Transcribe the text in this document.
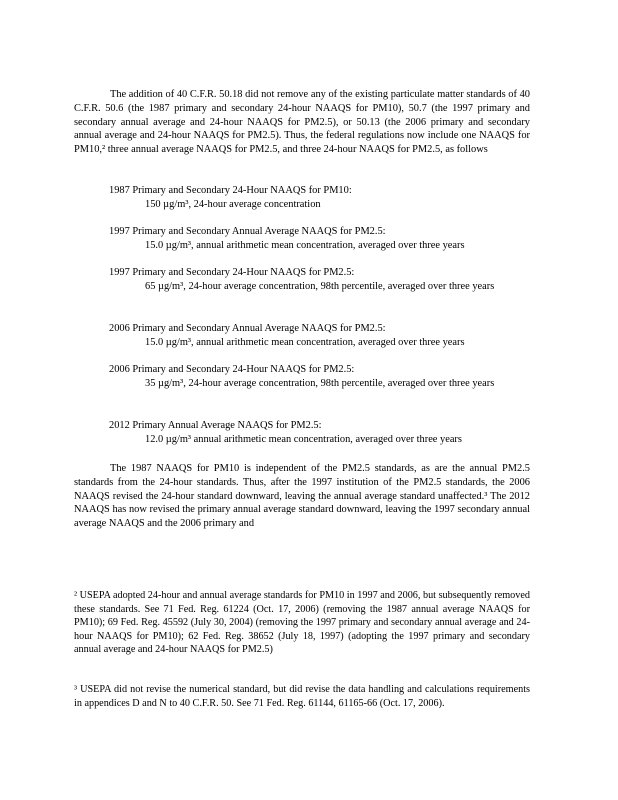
The addition of 40 C.F.R. 50.18 did not remove any of the existing particulate matter standards of 40 C.F.R. 50.6 (the 1987 primary and secondary 24-hour NAAQS for PM10), 50.7 (the 1997 primary and secondary annual average and 24-hour NAAQS for PM2.5), or 50.13 (the 2006 primary and secondary annual average and 24-hour NAAQS for PM2.5). Thus, the federal regulations now include one NAAQS for PM10,² three annual average NAAQS for PM2.5, and three 24-hour NAAQS for PM2.5, as follows
1987 Primary and Secondary 24-Hour NAAQS for PM10:
150 µg/m³, 24-hour average concentration
1997 Primary and Secondary Annual Average NAAQS for PM2.5:
15.0 µg/m³, annual arithmetic mean concentration, averaged over three years
1997 Primary and Secondary 24-Hour NAAQS for PM2.5:
65 µg/m³, 24-hour average concentration, 98th percentile, averaged over three years
2006 Primary and Secondary Annual Average NAAQS for PM2.5:
15.0 µg/m³, annual arithmetic mean concentration, averaged over three years
2006 Primary and Secondary 24-Hour NAAQS for PM2.5:
35 µg/m³, 24-hour average concentration, 98th percentile, averaged over three years
2012 Primary Annual Average NAAQS for PM2.5:
12.0 µg/m³ annual arithmetic mean concentration, averaged over three years
The 1987 NAAQS for PM10 is independent of the PM2.5 standards, as are the annual PM2.5 standards from the 24-hour standards. Thus, after the 1997 institution of the PM2.5 standards, the 2006 NAAQS revised the 24-hour standard downward, leaving the annual average standard unaffected.³ The 2012 NAAQS has now revised the primary annual average standard downward, leaving the 1997 secondary annual average NAAQS and the 2006 primary and
² USEPA adopted 24-hour and annual average standards for PM10 in 1997 and 2006, but subsequently removed these standards. See 71 Fed. Reg. 61224 (Oct. 17, 2006) (removing the 1987 annual average NAAQS for PM10); 69 Fed. Reg. 45592 (July 30, 2004) (removing the 1997 primary and secondary annual average and 24-hour NAAQS for PM10); 62 Fed. Reg. 38652 (July 18, 1997) (adopting the 1997 primary and secondary annual average and 24-hour NAAQS for PM2.5)
³ USEPA did not revise the numerical standard, but did revise the data handling and calculations requirements in appendices D and N to 40 C.F.R. 50. See 71 Fed. Reg. 61144, 61165-66 (Oct. 17, 2006).
